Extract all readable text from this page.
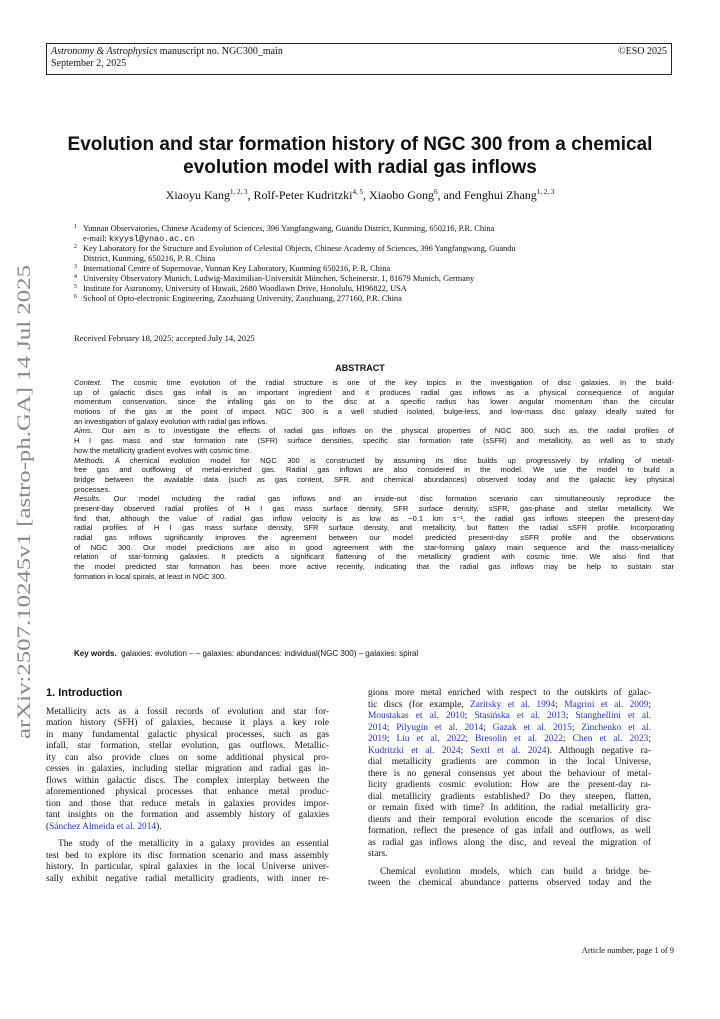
Astronomy & Astrophysics manuscript no. NGC300_main
September 2, 2025
©ESO 2025
arXiv:2507.10245v1 [astro-ph.GA] 14 Jul 2025
Evolution and star formation history of NGC 300 from a chemical
evolution model with radial gas inflows
Xiaoyu Kang$^{1, 2, 3}$, Rolf-Peter Kudritzki$^{4, 5}$, Xiaobo Gong$^6$, and Fenghui Zhang$^{1, 2, 3}$
1 Yunnan Observatories, Chinese Academy of Sciences, 396 Yangfangwang, Guandu District, Kunming, 650216, P.R. China
e-mail: kxyysl@ynao.ac.cn
2 Key Laboratory for the Structure and Evolution of Celestial Objects, Chinese Academy of Sciences, 396 Yangfangwang, Guandu
District, Kunming, 650216, P. R. China
3 International Centre of Supernovae, Yunnan Key Laboratory, Kunming 650216, P. R. China
4 University Observatory Munich, Ludwig-Maximilian-Universität München, Scheinerstr. 1, 81679 Munich, Germany
5 Institute for Astronomy, University of Hawaii, 2680 Woodlawn Drive, Honolulu, HI96822, USA
6 School of Opto-electronic Engineering, Zaozhuang University, Zaozhuang, 277160, P.R. China
Received February 18, 2025; accepted July 14, 2025
ABSTRACT
Context. The cosmic time evolution of the radial structure is one of the key topics in the investigation of disc galaxies. In the build-
up of galactic discs gas infall is an important ingredient and it produces radial gas inflows as a physical consequence of angular
momentum conservation, since the infalling gas on to the disc at a specific radius has lower angular momentum than the circular
motions of the gas at the point of impact. NGC 300 is a well studied isolated, bulge-less, and low-mass disc galaxy ideally suited for
an investigation of galaxy evolution with radial gas inflows.
Aims. Our aim is to investigate the effects of radial gas inflows on the physical properties of NGC 300, such as, the radial profiles of
H I gas mass and star formation rate (SFR) surface densities, specific star formation rate (sSFR) and metallicity, as well as to study
how the metallicity gradient evolves with cosmic time.
Methods. A chemical evolution model for NGC 300 is constructed by assuming its disc builds up progressively by infalling of metall-
free gas and outflowing of metal-enriched gas. Radial gas inflows are also considered in the model. We use the model to build a
bridge between the available data (such as gas content, SFR, and chemical abundances) observed today and the galactic key physical
processes.
Results. Our model including the radial gas inflows and an inside-out disc formation scenario can simultaneously reproduce the
present-day observed radial profiles of H I gas mass surface density, SFR surface density, sSFR, gas-phase and stellar metallicity. We
find that, although the value of radial gas inflow velocity is as low as −0.1 km s⁻¹, the radial gas inflows steepen the present-day
radial profiles of H I gas mass surface density, SFR surface density, and metallicity, but flatten the radial sSFR profile. Incorporating
radial gas inflows significantly improves the agreement between our model predicted present-day sSFR profile and the observations
of NGC 300. Our model predictions are also in good agreement with the star-forming galaxy main sequence and the mass-metallicity
relation of star-forming galaxies. It predicts a significant flattening of the metallicity gradient with cosmic time. We also find that
the model predicted star formation has been more active recently, indicating that the radial gas inflows may be help to sustain star
formation in local spirals, at least in NGC 300.
Key words. galaxies: evolution – – galaxies: abundances: individual(NGC 300) – galaxies: spiral
1. Introduction
Metallicity acts as a fossil records of evolution and star for-
mation history (SFH) of galaxies, because it plays a key role
in many fundamental galactic physical processes, such as gas
infall, star formation, stellar evolution, gas outflows. Metallic-
ity can also provide clues on some additional physical pro-
cesses in galaxies, including stellar migration and radial gas in-
flows within galactic discs. The complex interplay between the
aforementioned physical processes that enhance metal produc-
tion and those that reduce metals in galaxies provides impor-
tant insights on the formation and assembly history of galaxies
(Sánchez Almeida et al. 2014).
The study of the metallicity in a galaxy provides an essential
test bed to explore its disc formation scenario and mass assembly
history. In particular, spiral galaxies in the local Universe univer-
sally exhibit negative radial metallicity gradients, with inner re-
gions more metal enriched with respect to the outskirts of galac-
tic discs (for example, Zaritsky et al. 1994; Magrini et al. 2009;
Moustakas et al. 2010; Stasińska et al. 2013; Stanghellini et al.
2014; Pilyugin et al. 2014; Gazak et al. 2015; Zinchenko et al.
2019; Liu et al. 2022; Bresolin et al. 2022; Chen et al. 2023;
Kudritzki et al. 2024; Sextl et al. 2024). Although negative ra-
dial metallicity gradients are common in the local Universe,
there is no general consensus yet about the behaviour of metal-
licity gradients cosmic evolution: How are the present-day ra-
dial metallicity gradients established? Do they steepen, flatten,
or remain fixed with time? In addition, the radial metallicity gra-
dients and their temporal evolution encode the scenarios of disc
formation, reflect the presence of gas infall and outflows, as well
as radial gas inflows along the disc, and reveal the migration of
stars.
Chemical evolution models, which can build a bridge be-
tween the chemical abundance patterns observed today and the
Article number, page 1 of 9
